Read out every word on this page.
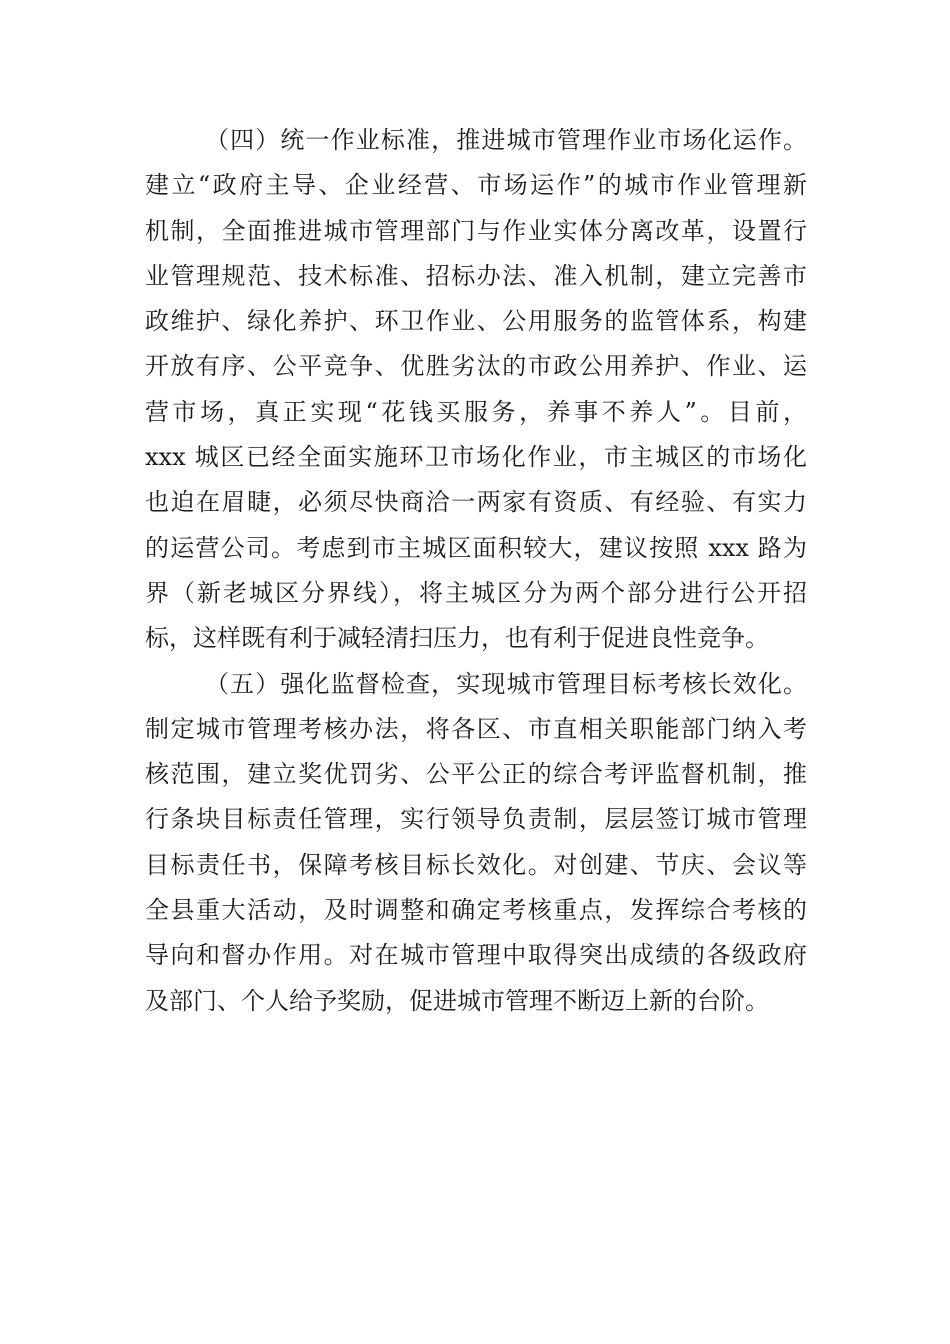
（四）统一作业标准，推进城市管理作业市场化运作。
建立“政府主导、企业经营、市场运作”的城市作业管理新
机制，全面推进城市管理部门与作业实体分离改革，设置行
业管理规范、技术标准、招标办法、准入机制，建立完善市
政维护、绿化养护、环卫作业、公用服务的监管体系，构建
开放有序、公平竞争、优胜劣汰的市政公用养护、作业、运
营市场，真正实现“花钱买服务，养事不养人”。目前，
xxx 城区已经全面实施环卫市场化作业，市主城区的市场化
也迫在眉睫，必须尽快商洽一两家有资质、有经验、有实力
的运营公司。考虑到市主城区面积较大，建议按照 xxx 路为
界（新老城区分界线），将主城区分为两个部分进行公开招
标，这样既有利于减轻清扫压力，也有利于促进良性竞争。
（五）强化监督检查，实现城市管理目标考核长效化。
制定城市管理考核办法，将各区、市直相关职能部门纳入考
核范围，建立奖优罚劣、公平公正的综合考评监督机制，推
行条块目标责任管理，实行领导负责制，层层签订城市管理
目标责任书，保障考核目标长效化。对创建、节庆、会议等
全县重大活动，及时调整和确定考核重点，发挥综合考核的
导向和督办作用。对在城市管理中取得突出成绩的各级政府
及部门、个人给予奖励，促进城市管理不断迈上新的台阶。
